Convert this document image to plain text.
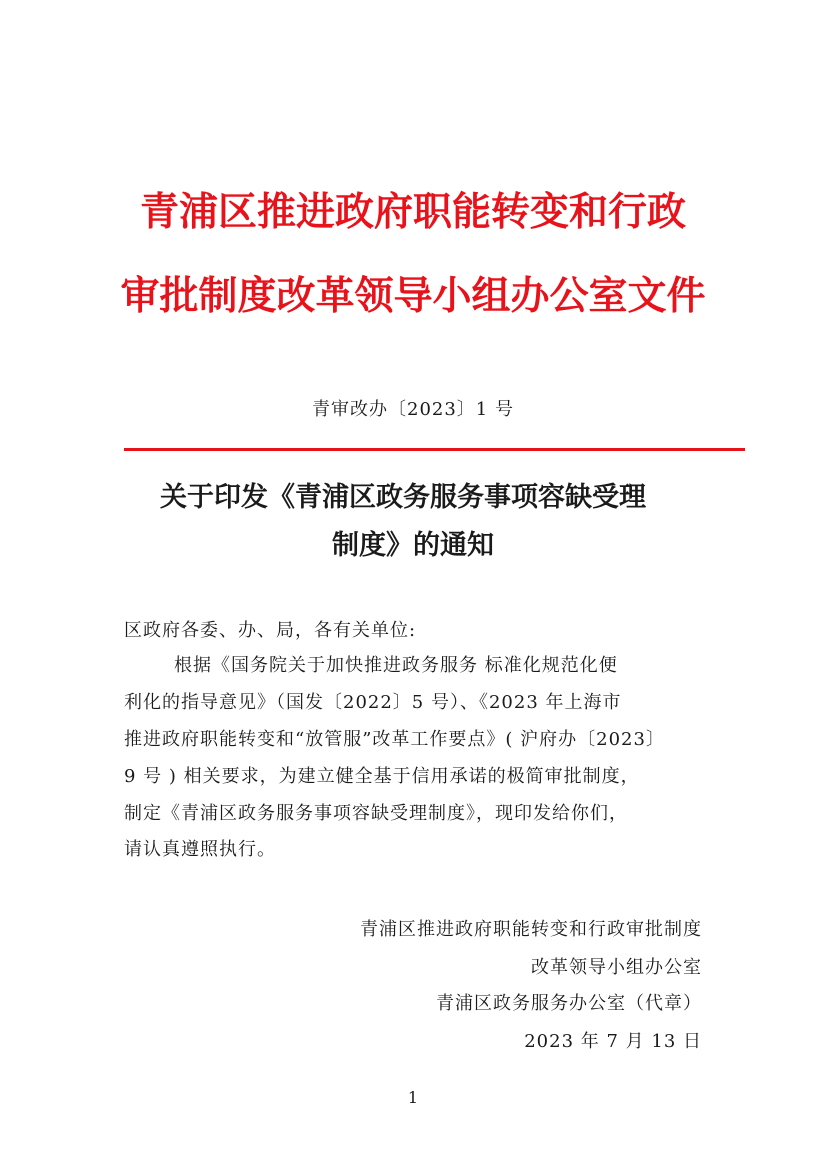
青浦区推进政府职能转变和行政
审批制度改革领导小组办公室文件
青审改办〔2023〕1 号
关于印发《青浦区政务服务事项容缺受理
制度》的通知
区政府各委、办、局，各有关单位:
根据《国务院关于加快推进政务服务 标准化规范化便
利化的指导意见》（国发〔2022〕5 号）、《2023 年上海市
推进政府职能转变和“放管服”改革工作要点》( 沪府办〔2023〕
9 号 ) 相关要求，为建立健全基于信用承诺的极简审批制度，
制定《青浦区政务服务事项容缺受理制度》，现印发给你们，
请认真遵照执行。
青浦区推进政府职能转变和行政审批制度
改革领导小组办公室
青浦区政务服务办公室（代章）
2023 年 7 月 13 日
1
